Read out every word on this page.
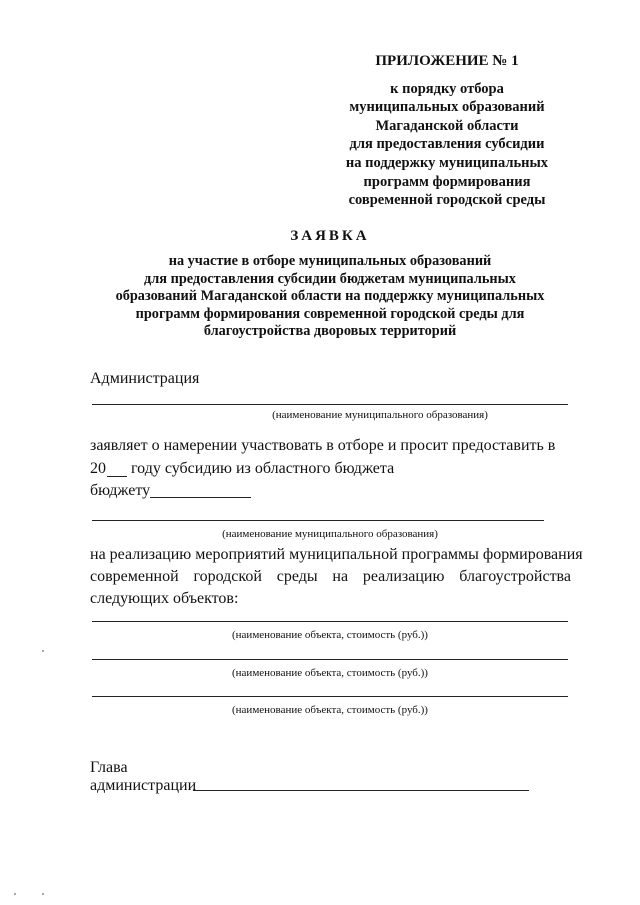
ПРИЛОЖЕНИЕ № 1
к порядку отбора
муниципальных образований
Магаданской области
для предоставления субсидии
на поддержку муниципальных
программ формирования
современной городской среды
ЗАЯВКА
на участие в отборе муниципальных образований
для предоставления субсидии бюджетам муниципальных
образований Магаданской области на поддержку муниципальных
программ формирования современной городской среды для
благоустройства дворовых территорий
Администрация
(наименование муниципального образования)
заявляет о намерении участвовать в отборе и просит предоставить в
20 году субсидию из областного бюджета
бюджету
(наименование муниципального образования)
на реализацию мероприятий муниципальной программы формирования
современной городской среды на реализацию благоустройства
следующих объектов:
(наименование объекта, стоимость (руб.))
(наименование объекта, стоимость (руб.))
(наименование объекта, стоимость (руб.))
Глава
администрации
